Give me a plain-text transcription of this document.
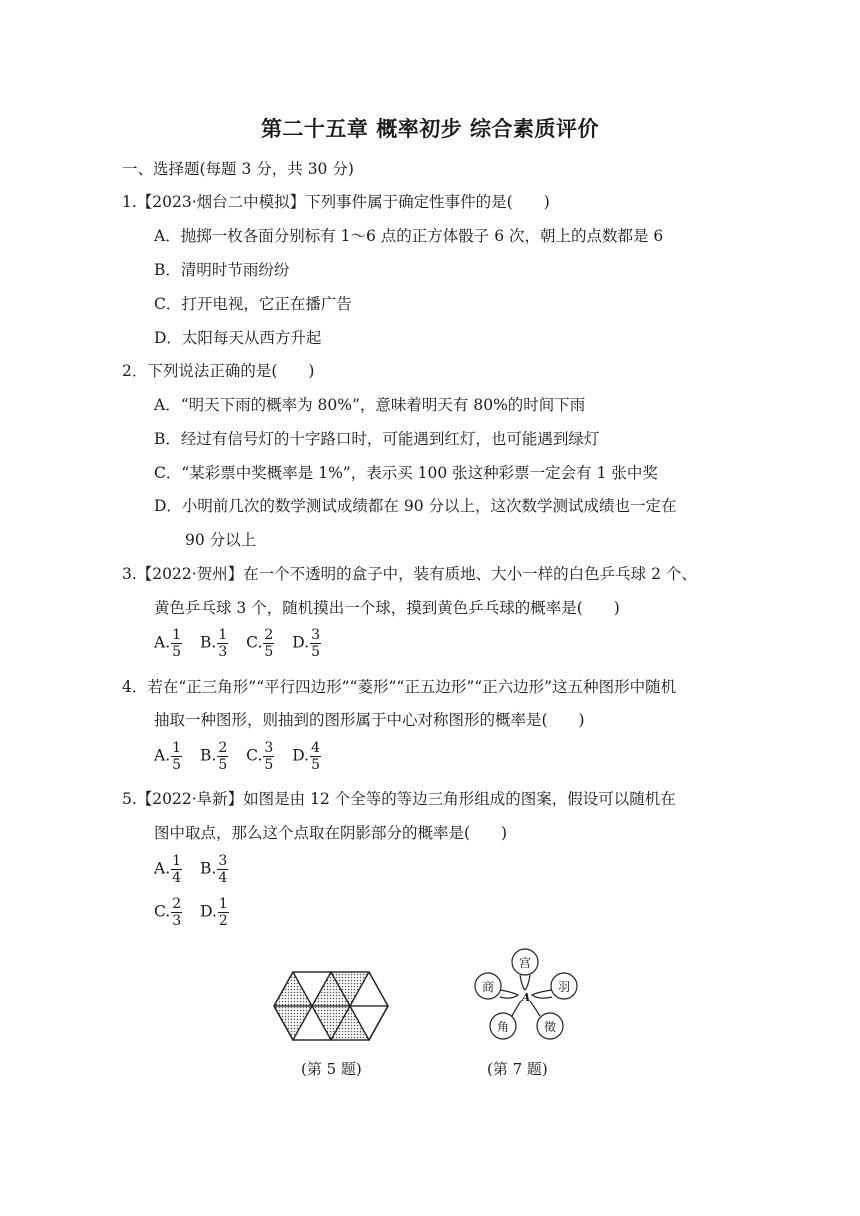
第二十五章 概率初步 综合素质评价
一、选择题(每题 3 分，共 30 分)
1.【2023·烟台二中模拟】下列事件属于确定性事件的是(　　)
A．抛掷一枚各面分别标有 1～6 点的正方体骰子 6 次，朝上的点数都是 6
B．清明时节雨纷纷
C．打开电视，它正在播广告
D．太阳每天从西方升起
2．下列说法正确的是(　　)
A．“明天下雨的概率为 80%”，意味着明天有 80%的时间下雨
B．经过有信号灯的十字路口时，可能遇到红灯，也可能遇到绿灯
C．“某彩票中奖概率是 1%”，表示买 100 张这种彩票一定会有 1 张中奖
D．小明前几次的数学测试成绩都在 90 分以上，这次数学测试成绩也一定在
90 分以上
3.【2022·贺州】在一个不透明的盒子中，装有质地、大小一样的白色乒乓球 2 个、
黄色乒乓球 3 个，随机摸出一个球，摸到黄色乒乓球的概率是(　　)
A. $\frac{1}{5} B$. $\frac{1}{3} C$. $\frac{2}{5} D$. $\frac{3}{5}$
4．若在“正三角形”“平行四边形”“菱形”“正五边形”“正六边形”这五种图形中随机
抽取一种图形，则抽到的图形属于中心对称图形的概率是(　　)
A. $\frac{1}{5} B$. $\frac{2}{5} C$. $\frac{3}{5} D$. $\frac{4}{5}$
5.【2022·阜新】如图是由 12 个全等的等边三角形组成的图案，假设可以随机在
图中取点，那么这个点取在阴影部分的概率是(　　)
A. $\frac{1}{4} B$. $\frac{3}{4}$
C. $\frac{2}{3} D$. $\frac{1}{2}$
宫
羽
徵
角
商
A
(第 5 题)	(第 7 题)
